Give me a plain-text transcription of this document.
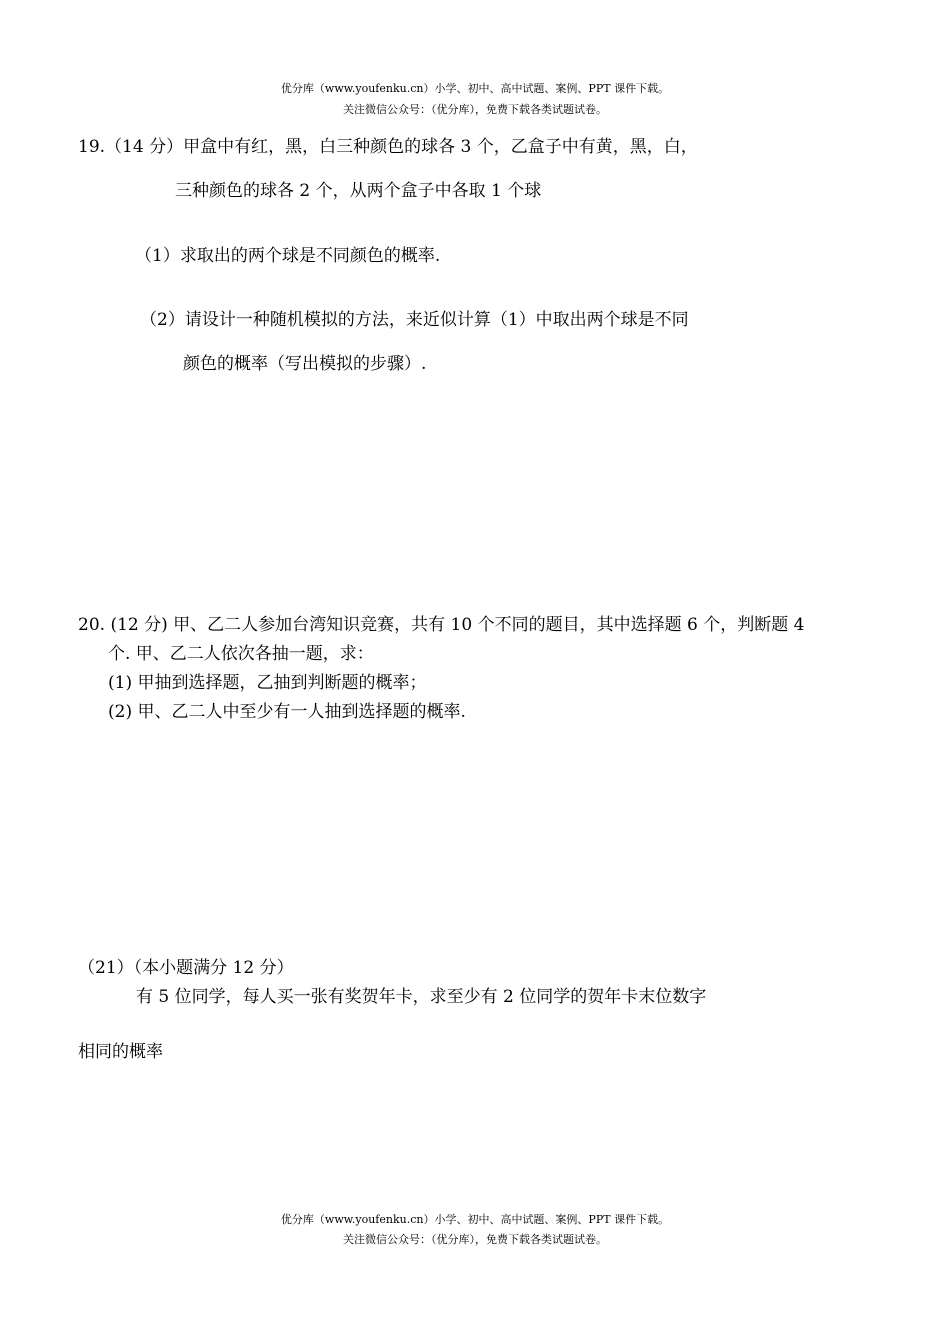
优分库（www.youfenku.cn）小学、初中、高中试题、案例、PPT 课件下载。
关注微信公众号：（优分库），免费下载各类试题试卷。
19.（14 分）甲盒中有红，黑，白三种颜色的球各 3 个，乙盒子中有黄，黑，白，
三种颜色的球各 2 个，从两个盒子中各取 1 个球
（1）求取出的两个球是不同颜色的概率.
（2）请设计一种随机模拟的方法，来近似计算（1）中取出两个球是不同
颜色的概率（写出模拟的步骤）.
20. (12 分) 甲、乙二人参加台湾知识竞赛，共有 10 个不同的题目，其中选择题 6 个，判断题 4
个. 甲、乙二人依次各抽一题，求：
(1) 甲抽到选择题，乙抽到判断题的概率；
(2) 甲、乙二人中至少有一人抽到选择题的概率.
（21）（本小题满分 12 分）
有 5 位同学，每人买一张有奖贺年卡，求至少有 2 位同学的贺年卡末位数字
相同的概率
优分库（www.youfenku.cn）小学、初中、高中试题、案例、PPT 课件下载。
关注微信公众号：（优分库），免费下载各类试题试卷。
